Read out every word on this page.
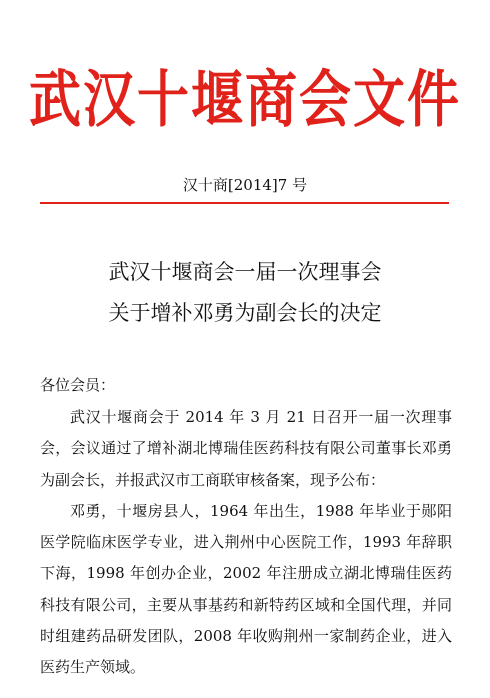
武汉十堰商会文件
汉十商[2014]7 号
武汉十堰商会一届一次理事会
关于增补邓勇为副会长的决定
各位会员：

武汉十堰商会于 2014 年 3 月 21 日召开一届一次理事会，会议通过了增补湖北博瑞佳医药科技有限公司董事长邓勇为副会长，并报武汉市工商联审核备案，现予公布：

邓勇，十堰房县人，1964 年出生，1988 年毕业于郧阳医学院临床医学专业，进入荆州中心医院工作，1993 年辞职下海，1998 年创办企业，2002 年注册成立湖北博瑞佳医药科技有限公司，主要从事基药和新特药区域和全国代理，并同时组建药品研发团队，2008 年收购荆州一家制药企业，进入医药生产领域。
